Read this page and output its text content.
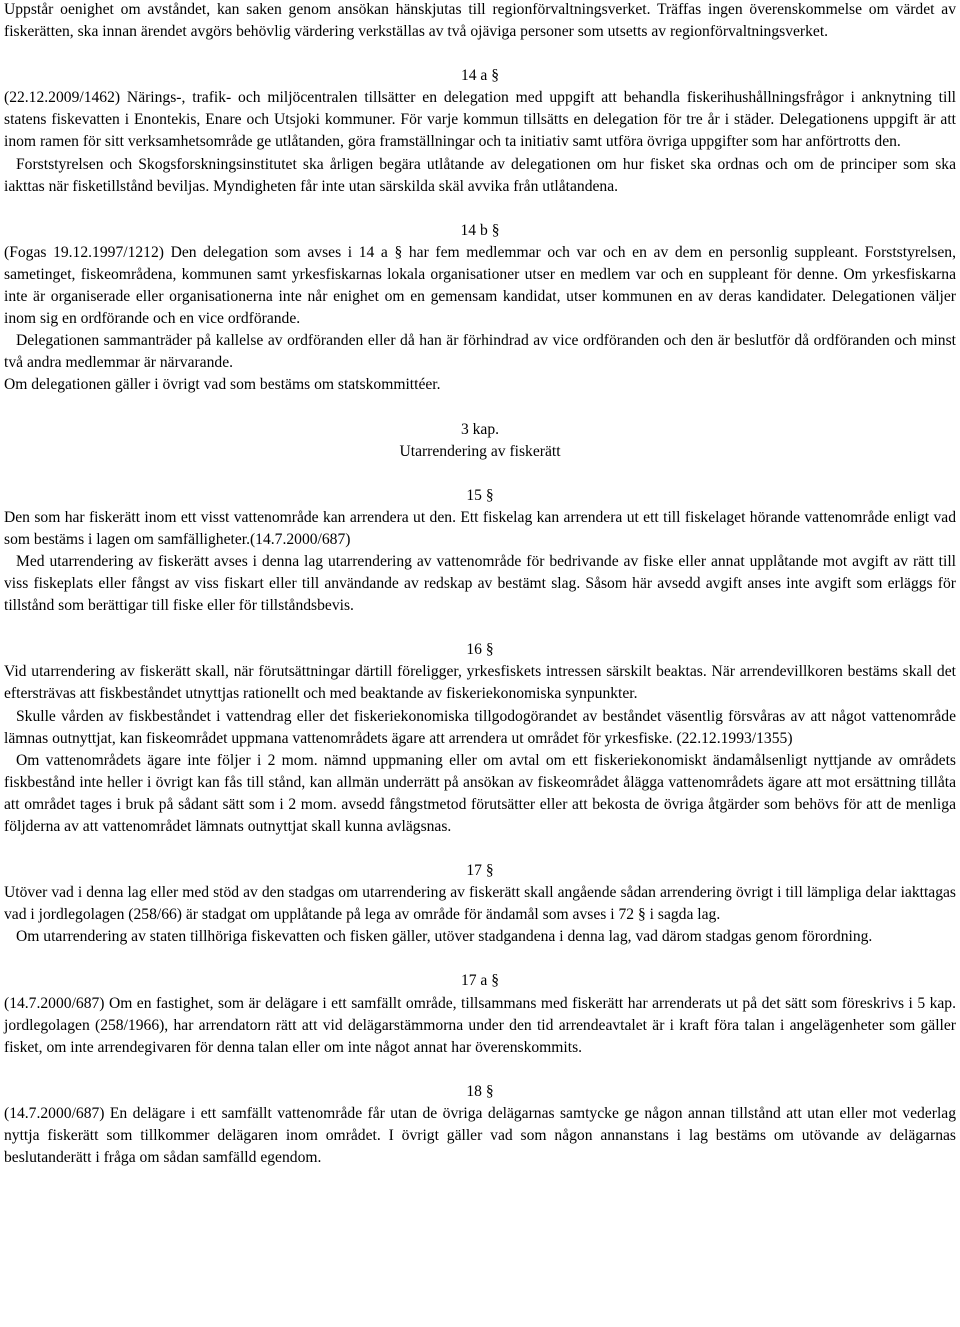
Uppstår oenighet om avståndet, kan saken genom ansökan hänskjutas till regionförvaltningsverket. Träffas ingen överenskommelse om värdet av fiskerätten, ska innan ärendet avgörs behövlig värdering verkställas av två ojäviga personer som utsetts av regionförvaltningsverket.

14 a §

(22.12.2009/1462) Närings-, trafik- och miljöcentralen tillsätter en delegation med uppgift att behandla fiskerihushållningsfrågor i anknytning till statens fiskevatten i Enontekis, Enare och Utsjoki kommuner. För varje kommun tillsätts en delegation för tre år i städer. Delegationens uppgift är att inom ramen för sitt verksamhetsområde ge utlåtanden, göra framställningar och ta initiativ samt utföra övriga uppgifter som har anförtrotts den.

Forststyrelsen och Skogsforskningsinstitutet ska årligen begära utlåtande av delegationen om hur fisket ska ordnas och om de principer som ska iakttas när fisketillstånd beviljas. Myndigheten får inte utan särskilda skäl avvika från utlåtandena.

14 b §

(Fogas 19.12.1997/1212) Den delegation som avses i 14 a § har fem medlemmar och var och en av dem en personlig suppleant. Forststyrelsen, sametinget, fiskeområdena, kommunen samt yrkesfiskarnas lokala organisationer utser en medlem var och en suppleant för denne. Om yrkesfiskarna inte är organiserade eller organisationerna inte når enighet om en gemensam kandidat, utser kommunen en av deras kandidater. Delegationen väljer inom sig en ordförande och en vice ordförande.

Delegationen sammanträder på kallelse av ordföranden eller då han är förhindrad av vice ordföranden och den är beslutför då ordföranden och minst två andra medlemmar är närvarande.

Om delegationen gäller i övrigt vad som bestäms om statskommittéer.

3 kap.

Utarrendering av fiskerätt

15 §

Den som har fiskerätt inom ett visst vattenområde kan arrendera ut den. Ett fiskelag kan arrendera ut ett till fiskelaget hörande vattenområde enligt vad som bestäms i lagen om samfälligheter.(14.7.2000/687)

Med utarrendering av fiskerätt avses i denna lag utarrendering av vattenområde för bedrivande av fiske eller annat upplåtande mot avgift av rätt till viss fiskeplats eller fångst av viss fiskart eller till användande av redskap av bestämt slag. Såsom här avsedd avgift anses inte avgift som erläggs för tillstånd som berättigar till fiske eller för tillståndsbevis.

16 §

Vid utarrendering av fiskerätt skall, när förutsättningar därtill föreligger, yrkesfiskets intressen särskilt beaktas. När arrendevillkoren bestäms skall det eftersträvas att fiskbeståndet utnyttjas rationellt och med beaktande av fiskeriekonomiska synpunkter.

Skulle vården av fiskbeståndet i vattendrag eller det fiskeriekonomiska tillgodogörandet av beståndet väsentlig försvåras av att något vattenområde lämnas outnyttjat, kan fiskeområdet uppmana vattenområdets ägare att arrendera ut området för yrkesfiske. (22.12.1993/1355)

Om vattenområdets ägare inte följer i 2 mom. nämnd uppmaning eller om avtal om ett fiskeriekonomiskt ändamålsenligt nyttjande av områdets fiskbestånd inte heller i övrigt kan fås till stånd, kan allmän underrätt på ansökan av fiskeområdet ålägga vattenområdets ägare att mot ersättning tillåta att området tages i bruk på sådant sätt som i 2 mom. avsedd fångstmetod förutsätter eller att bekosta de övriga åtgärder som behövs för att de menliga följderna av att vattenområdet lämnats outnyttjat skall kunna avlägsnas.

17 §

Utöver vad i denna lag eller med stöd av den stadgas om utarrendering av fiskerätt skall angående sådan arrendering övrigt i till lämpliga delar iakttagas vad i jordlegolagen (258/66) är stadgat om upplåtande på lega av område för ändamål som avses i 72 § i sagda lag.

Om utarrendering av staten tillhöriga fiskevatten och fisken gäller, utöver stadgandena i denna lag, vad därom stadgas genom förordning.

17 a §

(14.7.2000/687) Om en fastighet, som är delägare i ett samfällt område, tillsammans med fiskerätt har arrenderats ut på det sätt som föreskrivs i 5 kap. jordlegolagen (258/1966), har arrendatorn rätt att vid delägarstämmorna under den tid arrendeavtalet är i kraft föra talan i angelägenheter som gäller fisket, om inte arrendegivaren för denna talan eller om inte något annat har överenskommits.

18 §

(14.7.2000/687) En delägare i ett samfällt vattenområde får utan de övriga delägarnas samtycke ge någon annan tillstånd att utan eller mot vederlag nyttja fiskerätt som tillkommer delägaren inom området. I övrigt gäller vad som någon annanstans i lag bestäms om utövande av delägarnas beslutanderätt i fråga om sådan samfälld egendom.
